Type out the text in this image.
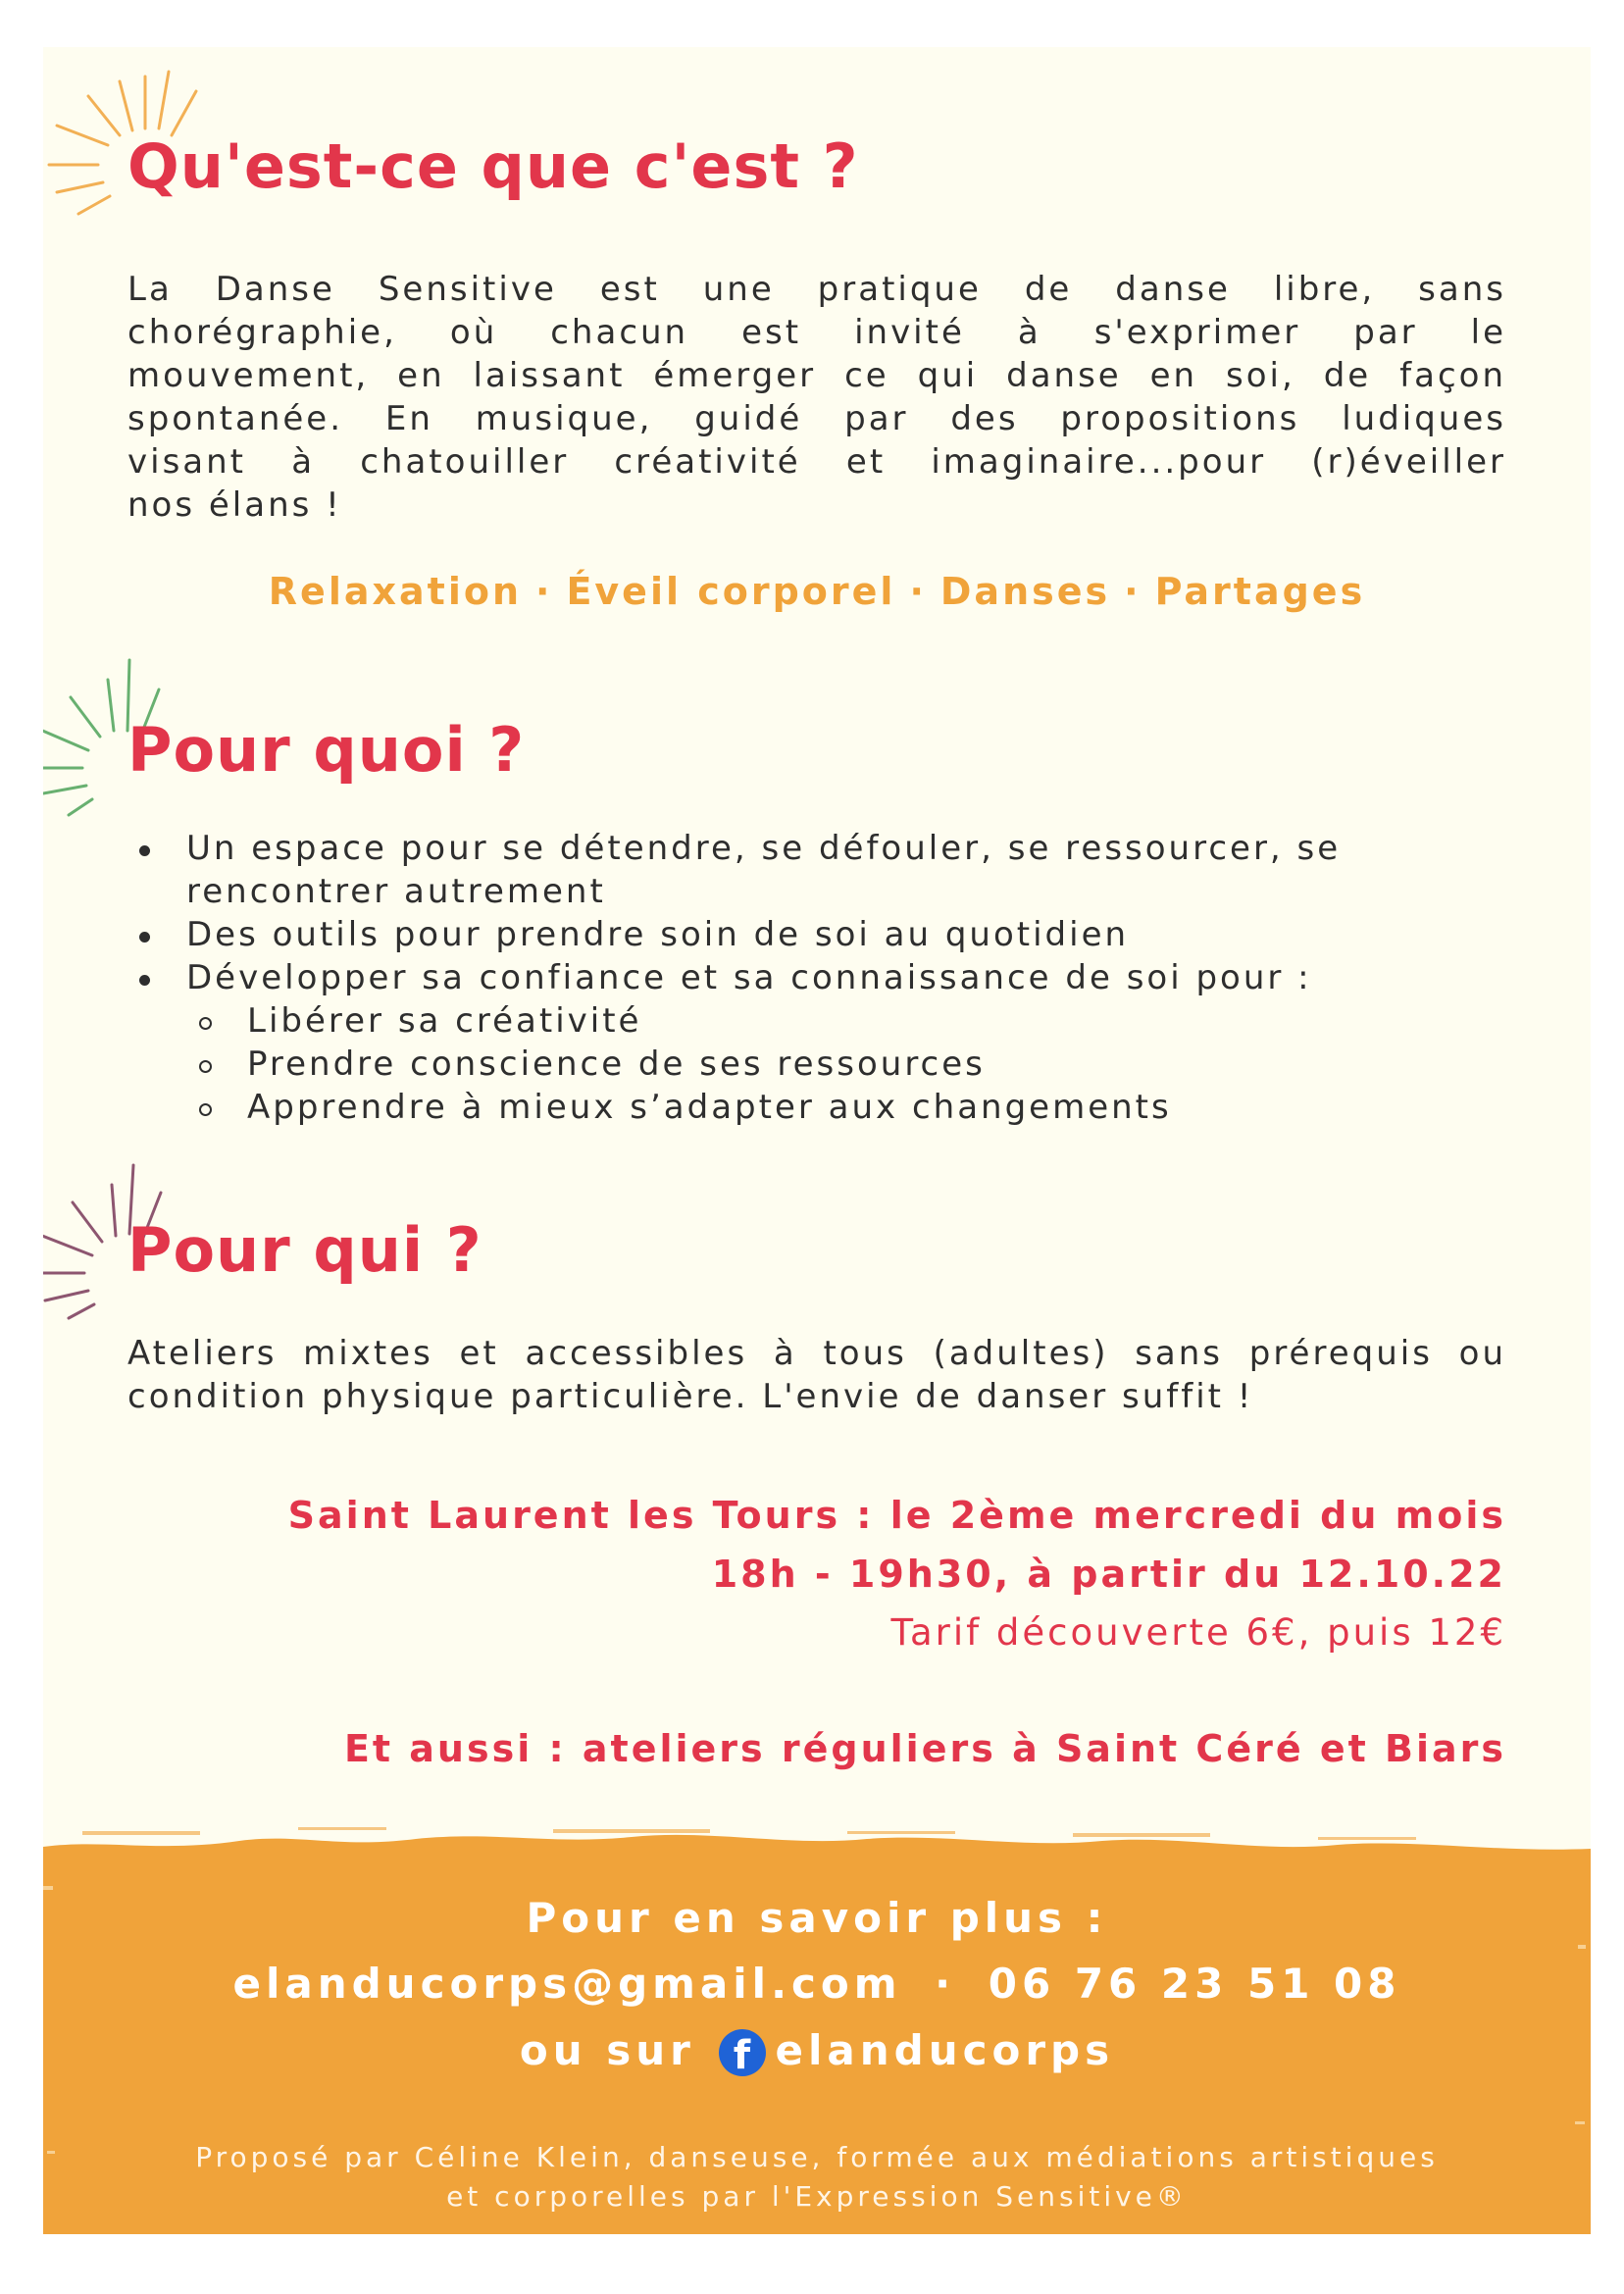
Qu'est-ce que c'est ?
La Danse Sensitive est une pratique de danse libre, sans
chorégraphie, où chacun est invité à s'exprimer par le
mouvement, en laissant émerger ce qui danse en soi, de façon
spontanée. En musique, guidé par des propositions ludiques
visant à chatouiller créativité et imaginaire...pour (r)éveiller
nos élans !
Relaxation · Éveil corporel · Danses · Partages
Pour quoi ?
Un espace pour se détendre, se défouler, se ressourcer, se rencontrer autrement
Des outils pour prendre soin de soi au quotidien
Développer sa confiance et sa connaissance de soi pour :
Libérer sa créativité
Prendre conscience de ses ressources
Apprendre à mieux s’adapter aux changements
Pour qui ?
Ateliers mixtes et accessibles à tous (adultes) sans prérequis ou
condition physique particulière. L'envie de danser suffit !

Saint Laurent les Tours : le 2ème mercredi du mois

18h - 19h30, à partir du 12.10.22

Tarif découverte 6€, puis 12€

Et aussi : ateliers réguliers à Saint Céré et Biars

Pour en savoir plus :

elanducorps@gmail.com · 06 76 23 51 08

ou sur f elanducorps

Proposé par Céline Klein, danseuse, formée aux médiations artistiques

et corporelles par l'Expression Sensitive®
